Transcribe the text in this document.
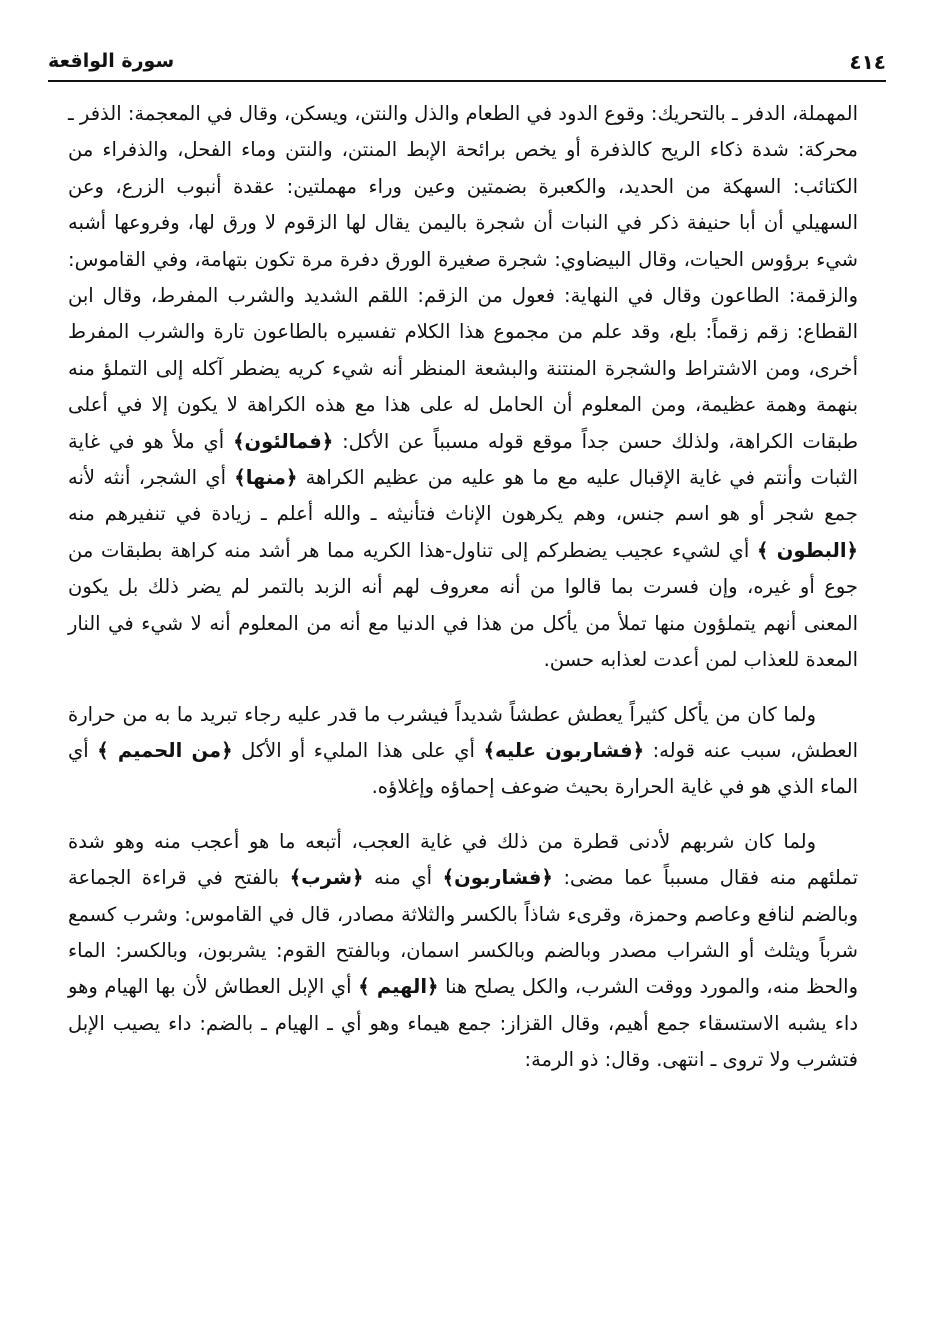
٤١٤
سورة الواقعة

المهملة، الدفر ـ بالتحريك: وقوع الدود في الطعام والذل والنتن، ويسكن، وقال في المعجمة: الذفر ـ محركة: شدة ذكاء الريح كالذفرة أو يخص برائحة الإبط المنتن، والنتن وماء الفحل، والذفراء من الكتائب: السهكة من الحديد، والكعبرة بضمتين وعين وراء مهملتين: عقدة أنبوب الزرع، وعن السهيلي أن أبا حنيفة ذكر في النبات أن شجرة باليمن يقال لها الزقوم لا ورق لها، وفروعها أشبه شيء برؤوس الحيات، وقال البيضاوي: شجرة صغيرة الورق دفرة مرة تكون بتهامة، وفي القاموس: والزقمة: الطاعون وقال في النهاية: فعول من الزقم: اللقم الشديد والشرب المفرط، وقال ابن القطاع: زقم زقماً: بلع، وقد علم من مجموع هذا الكلام تفسيره بالطاعون تارة والشرب المفرط أخرى، ومن الاشتراط والشجرة المنتنة والبشعة المنظر أنه شيء كريه يضطر آكله إلى التملؤ منه بنهمة وهمة عظيمة، ومن المعلوم أن الحامل له على هذا مع هذه الكراهة لا يكون إلا في أعلى طبقات الكراهة، ولذلك حسن جداً موقع قوله مسبباً عن الأكل: ﴿فمالئون﴾ أي ملأ هو في غاية الثبات وأنتم في غاية الإقبال عليه مع ما هو عليه من عظيم الكراهة ﴿منها﴾ أي الشجر، أنثه لأنه جمع شجر أو هو اسم جنس، وهم يكرهون الإناث فتأنيثه ـ والله أعلم ـ زيادة في تنفيرهم منه ﴿البطون ﴾ أي لشيء عجيب يضطركم إلى تناول-هذا الكريه مما هر أشد منه كراهة بطبقات من جوع أو غيره، وإن فسرت بما قالوا من أنه معروف لهم أنه الزبد بالتمر لم يضر ذلك بل يكون المعنى أنهم يتملؤون منها تملأ من يأكل من هذا في الدنيا مع أنه من المعلوم أنه لا شيء في النار المعدة للعذاب لمن أعدت لعذابه حسن.

ولما كان من يأكل كثيراً يعطش عطشاً شديداً فيشرب ما قدر عليه رجاء تبريد ما به من حرارة العطش، سبب عنه قوله: ﴿فشاربون عليه﴾ أي على هذا المليء أو الأكل ﴿من الحميم ﴾ أي الماء الذي هو في غاية الحرارة بحيث ضوعف إحماؤه وإغلاؤه.

ولما كان شربهم لأدنى قطرة من ذلك في غاية العجب، أتبعه ما هو أعجب منه وهو شدة تملئهم منه فقال مسبباً عما مضى: ﴿فشاربون﴾ أي منه ﴿شرب﴾ بالفتح في قراءة الجماعة وبالضم لنافع وعاصم وحمزة، وقرىء شاذاً بالكسر والثلاثة مصادر، قال في القاموس: وشرب كسمع شرباً ويثلث أو الشراب مصدر وبالضم وبالكسر اسمان، وبالفتح القوم: يشربون، وبالكسر: الماء والحظ منه، والمورد ووقت الشرب، والكل يصلح هنا ﴿الهيم ﴾ أي الإبل العطاش لأن بها الهيام وهو داء يشبه الاستسقاء جمع أهيم، وقال القزاز: جمع هيماء وهو أي ـ الهيام ـ بالضم: داء يصيب الإبل فتشرب ولا تروى ـ انتهى. وقال: ذو الرمة:
